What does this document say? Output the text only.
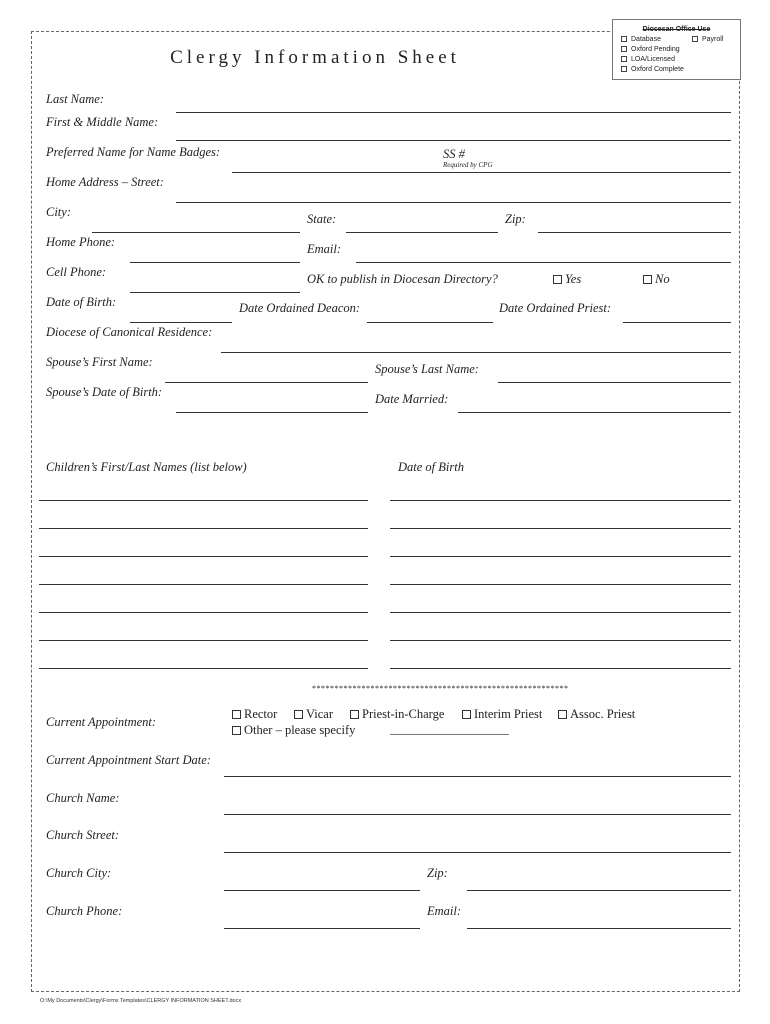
Clergy Information Sheet
Diocesan Office Use
Database	Payroll
Oxford Pending
LOA/Licensed
Oxford Complete
Last Name:
First & Middle Name:
Preferred Name for Name Badges:	SS #
Required by CPG
Home Address – Street:
City:	State:	Zip:
Home Phone:	Email:
Cell Phone:	OK to publish in Diocesan Directory?	Yes	No
Date of Birth:	Date Ordained Deacon:	Date Ordained Priest:
Diocese of Canonical Residence:
Spouse’s First Name:	Spouse’s Last Name:
Spouse’s Date of Birth:	Date Married:
Children’s First/Last Names (list below)	Date of Birth
*********************************************************
Current Appointment:
Rector	Vicar	Priest-in-Charge	Interim Priest	Assoc. Priest
Other – please specify	___________________
Current Appointment Start Date:
Church Name:
Church Street:
Church City:	Zip:
Church Phone:	Email:
O:\My Documents\Clergy\Forms Templates\CLERGY INFORMATION SHEET.docx
